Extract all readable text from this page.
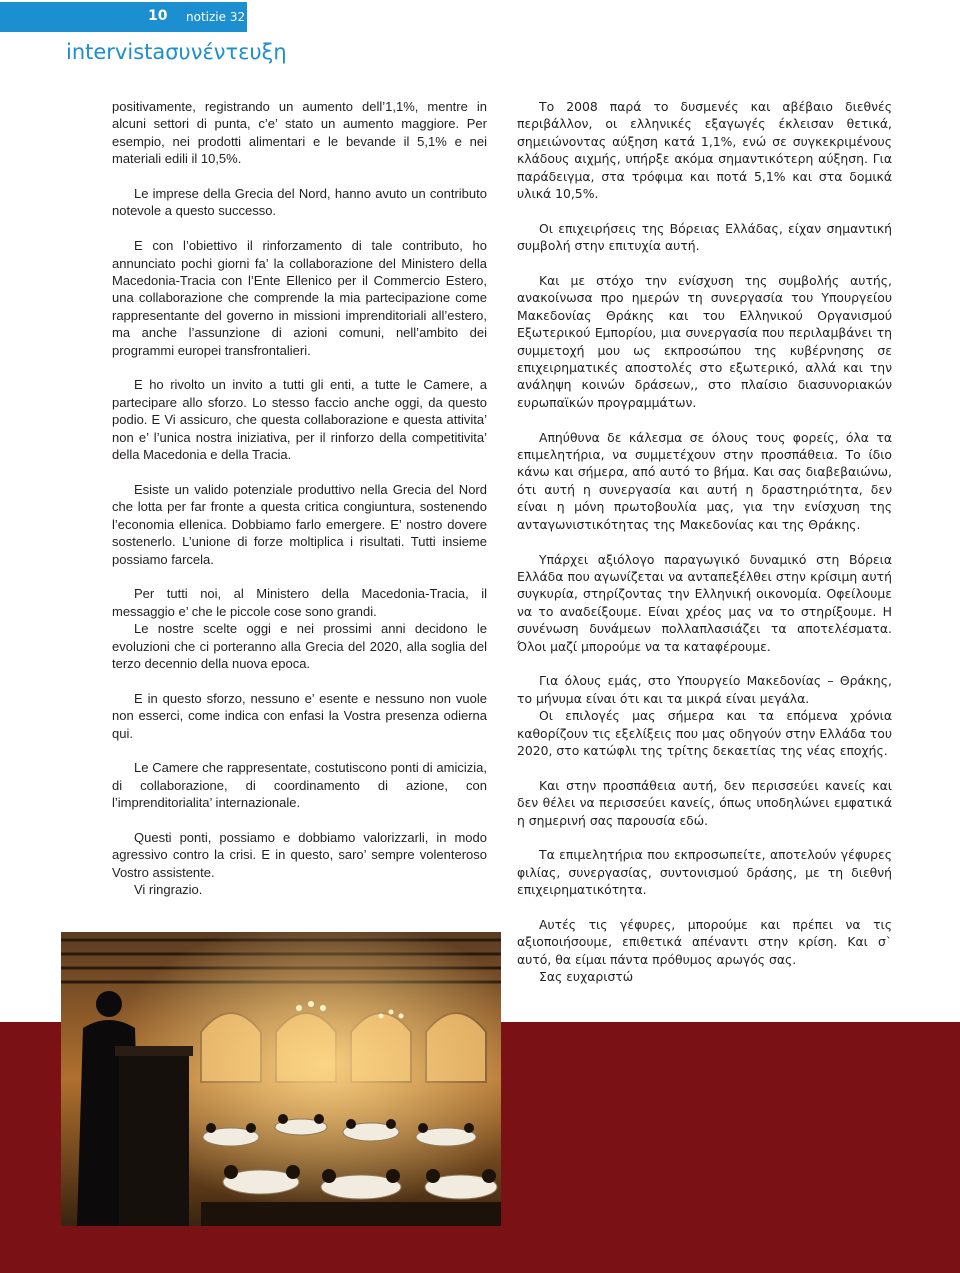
10 notizie 32
intervistaσυνέντευξη

positivamente, registrando un aumento dell’1,1%, mentre in alcuni settori di punta, c’e’ stato un aumento maggiore. Per esempio, nei prodotti alimentari e le bevande il 5,1% e nei materiali edili il 10,5%.

Le imprese della Grecia del Nord, hanno avuto un contributo notevole a questo successo.

E con l’obiettivo il rinforzamento di tale contributo, ho annunciato pochi giorni fa’ la collaborazione del Ministero della Macedonia-Tracia con l’Ente Ellenico per il Commercio Estero, una collaborazione che comprende la mia partecipazione come rappresentante del governo in missioni imprenditoriali all’estero, ma anche l’assunzione di azioni comuni, nell’ambito dei programmi europei transfrontalieri.

E ho rivolto un invito a tutti gli enti, a tutte le Camere, a partecipare allo sforzo. Lo stesso faccio anche oggi, da questo podio. E Vi assicuro, che questa collaborazione e questa attivita’ non e’ l’unica nostra iniziativa, per il rinforzo della competitivita’ della Macedonia e della Tracia.

Esiste un valido potenziale produttivo nella Grecia del Nord che lotta per far fronte a questa critica congiuntura, sostenendo l’economia ellenica. Dobbiamo farlo emergere. E’ nostro dovere sostenerlo. L’unione di forze moltiplica i risultati. Tutti insieme possiamo farcela.

Per tutti noi, al Ministero della Macedonia-Tracia, il messaggio e’ che le piccole cose sono grandi.

Le nostre scelte oggi e nei prossimi anni decidono le evoluzioni che ci porteranno alla Grecia del 2020, alla soglia del terzo decennio della nuova epoca.

E in questo sforzo, nessuno e’ esente e nessuno non vuole non esserci, come indica con enfasi la Vostra presenza odierna qui.

Le Camere che rappresentate, costutiscono ponti di amicizia, di collaborazione, di coordinamento di azione, con l’imprenditorialita’ internazionale.

Questi ponti, possiamo e dobbiamo valorizzarli, in modo agressivo contro la crisi. E in questo, saro’ sempre volenteroso Vostro assistente.

Vi ringrazio.

Το 2008 παρά το δυσμενές και αβέβαιο διεθνές περιβάλλον, οι ελληνικές εξαγωγές έκλεισαν θετικά, σημειώνοντας αύξηση κατά 1,1%, ενώ σε συγκεκριμένους κλάδους αιχμής, υπήρξε ακόμα σημαντικότερη αύξηση. Για παράδειγμα, στα τρόφιμα και ποτά 5,1% και στα δομικά υλικά 10,5%.

Οι επιχειρήσεις της Βόρειας Ελλάδας, είχαν σημαντική συμβολή στην επιτυχία αυτή.

Και με στόχο την ενίσχυση της συμβολής αυτής, ανακοίνωσα προ ημερών τη συνεργασία του Υπουργείου Μακεδονίας Θράκης και του Ελληνικού Οργανισμού Εξωτερικού Εμπορίου, μια συνεργασία που περιλαμβάνει τη συμμετοχή μου ως εκπροσώπου της κυβέρνησης σε επιχειρηματικές αποστολές στο εξωτερικό, αλλά και την ανάληψη κοινών δράσεων,, στο πλαίσιο διασυνοριακών ευρωπαϊκών προγραμμάτων.

Απηύθυνα δε κάλεσμα σε όλους τους φορείς, όλα τα επιμελητήρια, να συμμετέχουν στην προσπάθεια. Το ίδιο κάνω και σήμερα, από αυτό το βήμα. Και σας διαβεβαιώνω, ότι αυτή η συνεργασία και αυτή η δραστηριότητα, δεν είναι η μόνη πρωτοβουλία μας, για την ενίσχυση της ανταγωνιστικότητας της Μακεδονίας και της Θράκης.

Υπάρχει αξιόλογο παραγωγικό δυναμικό στη Βόρεια Ελλάδα που αγωνίζεται να ανταπεξέλθει στην κρίσιμη αυτή συγκυρία, στηρίζοντας την Ελληνική οικονομία. Οφείλουμε να το αναδείξουμε. Είναι χρέος μας να το στηρίξουμε. Η συνένωση δυνάμεων πολλαπλασιάζει τα αποτελέσματα. Όλοι μαζί μπορούμε να τα καταφέρουμε.

Για όλους εμάς, στο Υπουργείο Μακεδονίας – Θράκης, το μήνυμα είναι ότι και τα μικρά είναι μεγάλα.

Οι επιλογές μας σήμερα και τα επόμενα χρόνια καθορίζουν τις εξελίξεις που μας οδηγούν στην Ελλάδα του 2020, στο κατώφλι της τρίτης δεκαετίας της νέας εποχής.

Και στην προσπάθεια αυτή, δεν περισσεύει κανείς και δεν θέλει να περισσεύει κανείς, όπως υποδηλώνει εμφατικά η σημερινή σας παρουσία εδώ.

Τα επιμελητήρια που εκπροσωπείτε, αποτελούν γέφυρες φιλίας, συνεργασίας, συντονισμού δράσης, με τη διεθνή επιχειρηματικότητα.

Αυτές τις γέφυρες, μπορούμε και πρέπει να τις αξιοποιήσουμε, επιθετικά απέναντι στην κρίση. Και σ` αυτό, θα είμαι πάντα πρόθυμος αρωγός σας.

Σας ευχαριστώ
